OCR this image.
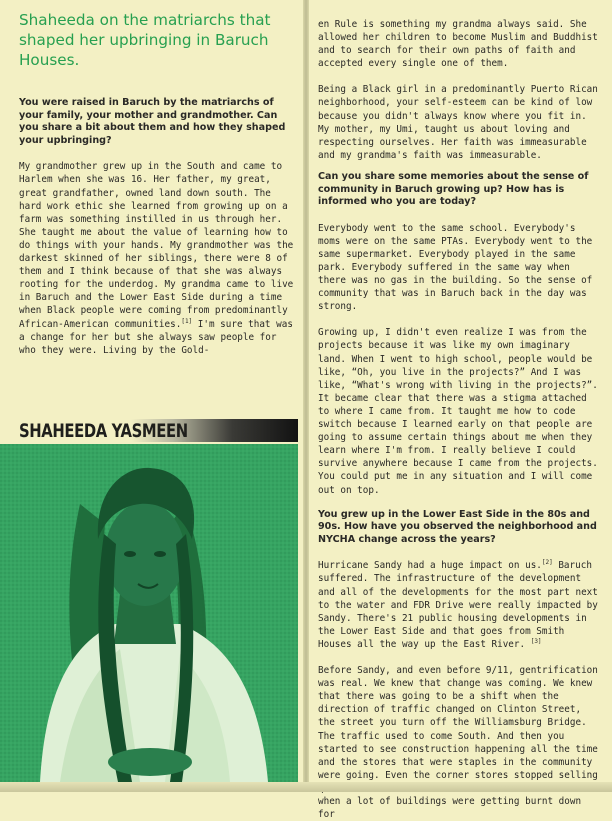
Shaheeda on the matriarchs that shaped her upbringing in Baruch Houses.

You were raised in Baruch by the matriarchs of your family, your mother and grandmother. Can you share a bit about them and how they shaped your upbringing?

My grandmother grew up in the South and came to Harlem when she was 16. Her father, my great, great grandfather, owned land down south. The hard work ethic she learned from growing up on a farm was something instilled in us through her. She taught me about the value of learning how to do things with your hands. My grandmother was the darkest skinned of her siblings, there were 8 of them and I think because of that she was always rooting for the underdog. My grandma came to live in Baruch and the Lower East Side during a time when Black people were coming from predominantly African-American communities.[1] I'm sure that was a change for her but she always saw people for who they were. Living by the Gold-

SHAHEEDA YASMEEN

en Rule is something my grandma always said. She allowed her children to become Muslim and Buddhist and to search for their own paths of faith and accepted every single one of them.

Being a Black girl in a predominantly Puerto Rican neighborhood, your self-esteem can be kind of low because you didn't always know where you fit in. My mother, my Umi, taught us about loving and respecting ourselves. Her faith was immeasurable and my grandma's faith was immeasurable.

Can you share some memories about the sense of community in Baruch growing up? How has is informed who you are today?

Everybody went to the same school. Everybody's moms were on the same PTAs. Everybody went to the same supermarket. Everybody played in the same park. Everybody suffered in the same way when there was no gas in the building. So the sense of community that was in Baruch back in the day was strong.

Growing up, I didn't even realize I was from the projects because it was like my own imaginary land. When I went to high school, people would be like, “Oh, you live in the projects?” And I was like, “What's wrong with living in the projects?”. It became clear that there was a stigma attached to where I came from. It taught me how to code switch because I learned early on that people are going to assume certain things about me when they learn where I'm from. I really believe I could survive anywhere because I came from the projects. You could put me in any situation and I will come out on top.

You grew up in the Lower East Side in the 80s and 90s. How have you observed the neighborhood and NYCHA change across the years?

Hurricane Sandy had a huge impact on us.[2] Baruch suffered. The infrastructure of the development and all of the developments for the most part next to the water and FDR Drive were really impacted by Sandy. There's 21 public housing developments in the Lower East Side and that goes from Smith Houses all the way up the East River. [3]

Before Sandy, and even before 9/11, gentrification was real. We knew that change was coming. We knew that there was going to be a shift when the direction of traffic changed on Clinton Street, the street you turn off the Williamsburg Bridge. The traffic used to come South. And then you started to see construction happening all the time and the stores that were staples in the community were going. Even the corner stores stopped selling when a lot of buildings were getting burnt down for
